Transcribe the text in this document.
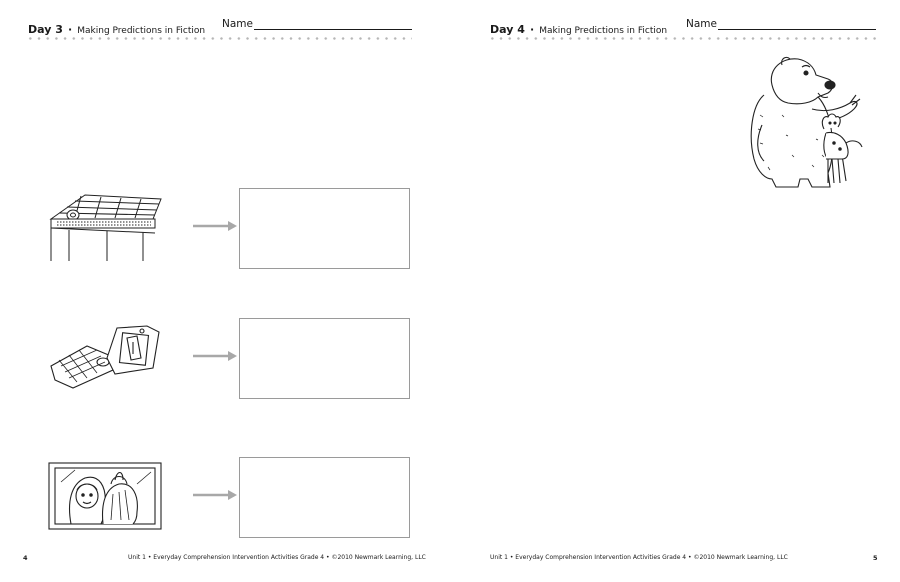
Day 3 · Making Predictions in Fiction
Name
4	Unit 1 • Everyday Comprehension Intervention Activities Grade 4 • ©2010 Newmark Learning, LLC
Day 4 · Making Predictions in Fiction
Name
Unit 1 • Everyday Comprehension Intervention Activities Grade 4 • ©2010 Newmark Learning, LLC	5
